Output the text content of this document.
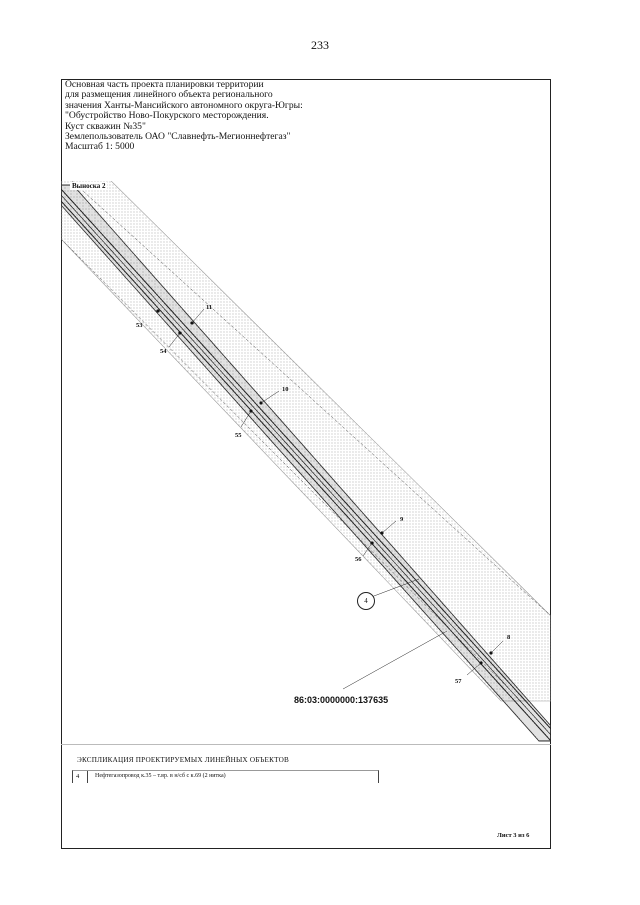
233
Основная часть проекта планировки территории
для размещения линейного объекта регионального
значения Ханты-Мансийского автономного округа-Югры:
"Обустройство Ново-Покурского месторождения.
Куст скважин №35"
Землепользователь ОАО "Славнефть-Мегионнефтегаз"
Масштаб 1: 5000
Выноска 2
53
54
55
56
57
8
9
10
11
4
86:03:0000000:137635
ЭКСПЛИКАЦИЯ ПРОЕКТИРУЕМЫХ ЛИНЕЙНЫХ ОБЪЕКТОВ
4	Нефтегазопровод к.35 – т.вр. в н/сб с к.69 (2 нитка)
Лист 3 из 6
